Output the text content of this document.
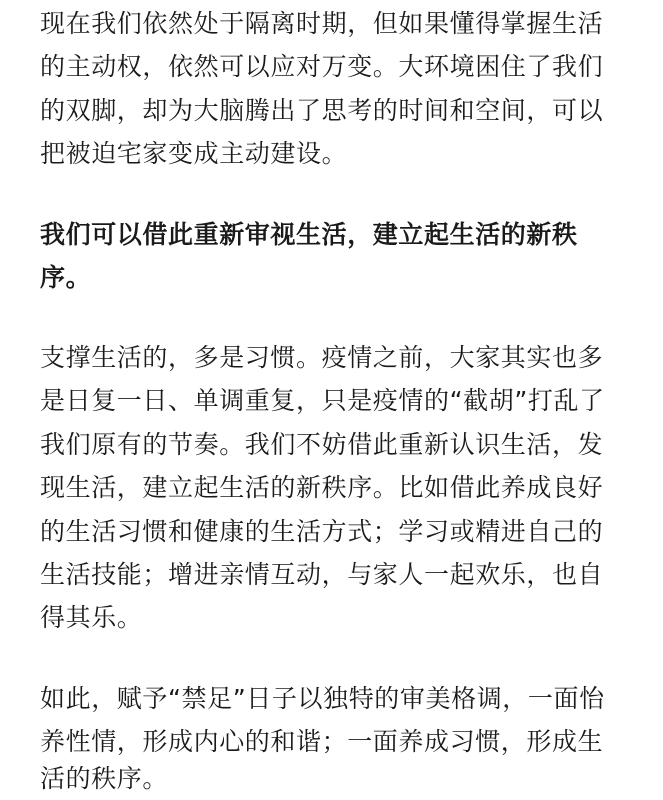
现在我们依然处于隔离时期，但如果懂得掌握生活
的主动权，依然可以应对万变。大环境困住了我们
的双脚，却为大脑腾出了思考的时间和空间，可以
把被迫宅家变成主动建设。
我们可以借此重新审视生活，建立起生活的新秩
序。
支撑生活的，多是习惯。疫情之前，大家其实也多
是日复一日、单调重复，只是疫情的“截胡”打乱了
我们原有的节奏。我们不妨借此重新认识生活，发
现生活，建立起生活的新秩序。比如借此养成良好
的生活习惯和健康的生活方式；学习或精进自己的
生活技能；增进亲情互动，与家人一起欢乐，也自
得其乐。
如此，赋予“禁足”日子以独特的审美格调，一面怡
养性情，形成内心的和谐；一面养成习惯，形成生
活的秩序。
